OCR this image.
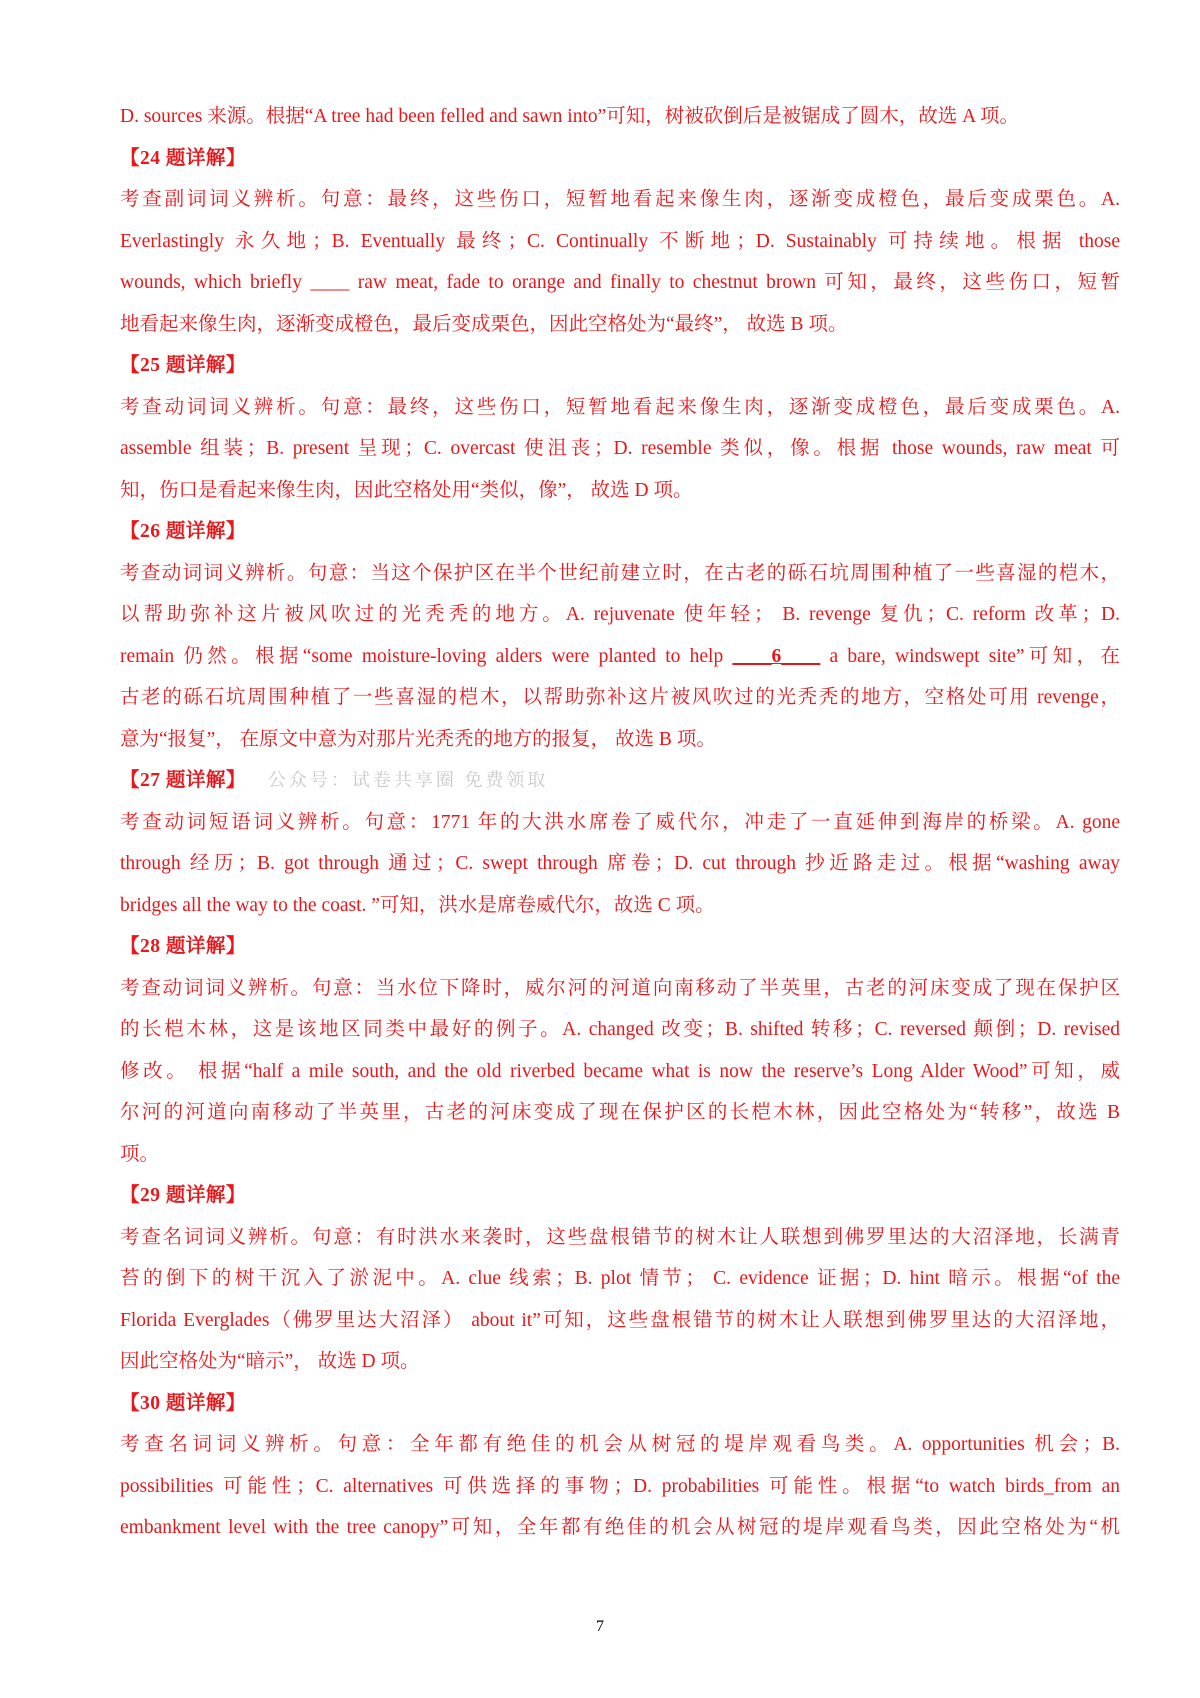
D. sources 来源。根据“A tree had been felled and sawn into”可知，树被砍倒后是被锯成了圆木，故选 A 项。
【24 题详解】
考查副词词义辨析。句意：最终，这些伤口，短暂地看起来像生肉，逐渐变成橙色，最后变成栗色。A.
Everlastingly 永久地；B. Eventually 最终；C. Continually 不断地；D. Sustainably 可持续地。根据 those
wounds, which briefly ____ raw meat, fade to orange and finally to chestnut brown 可知，最终，这些伤口，短暂
地看起来像生肉，逐渐变成橙色，最后变成栗色，因此空格处为“最终”， 故选 B 项。
【25 题详解】
考查动词词义辨析。句意：最终，这些伤口，短暂地看起来像生肉，逐渐变成橙色，最后变成栗色。A.
assemble 组装；B. present 呈现；C. overcast 使沮丧；D. resemble 类似，像。根据 those wounds, raw meat 可
知，伤口是看起来像生肉，因此空格处用“类似，像”， 故选 D 项。
【26 题详解】
考查动词词义辨析。句意：当这个保护区在半个世纪前建立时，在古老的砾石坑周围种植了一些喜湿的桤木，
以帮助弥补这片被风吹过的光秃秃的地方。A. rejuvenate 使年轻； B. revenge 复仇；C. reform 改革；D.
remain 仍然。根据“some moisture-loving alders were planted to help ____6____ a bare, windswept site”可知，在
古老的砾石坑周围种植了一些喜湿的桤木，以帮助弥补这片被风吹过的光秃秃的地方，空格处可用 revenge，
意为“报复”， 在原文中意为对那片光秃秃的地方的报复， 故选 B 项。
【27 题详解】 公众号：试卷共享圈 免费领取
考查动词短语词义辨析。句意：1771 年的大洪水席卷了威代尔，冲走了一直延伸到海岸的桥梁。A. gone
through 经历；B. got through 通过；C. swept through 席卷；D. cut through 抄近路走过。根据“washing away
bridges all the way to the coast. ”可知，洪水是席卷威代尔，故选 C 项。
【28 题详解】
考查动词词义辨析。句意：当水位下降时，威尔河的河道向南移动了半英里，古老的河床变成了现在保护区
的长桤木林，这是该地区同类中最好的例子。A. changed 改变；B. shifted 转移；C. reversed 颠倒；D. revised
修改。 根据“half a mile south, and the old riverbed became what is now the reserve’s Long Alder Wood”可知，威
尔河的河道向南移动了半英里，古老的河床变成了现在保护区的长桤木林，因此空格处为“转移”，故选 B
项。
【29 题详解】
考查名词词义辨析。句意：有时洪水来袭时，这些盘根错节的树木让人联想到佛罗里达的大沼泽地，长满青
苔的倒下的树干沉入了淤泥中。A. clue 线索；B. plot 情节； C. evidence 证据；D. hint 暗示。根据“of the
Florida Everglades（佛罗里达大沼泽） about it”可知，这些盘根错节的树木让人联想到佛罗里达的大沼泽地，
因此空格处为“暗示”， 故选 D 项。
【30 题详解】
考查名词词义辨析。句意：全年都有绝佳的机会从树冠的堤岸观看鸟类。A. opportunities 机会；B.
possibilities 可能性；C. alternatives 可供选择的事物；D. probabilities 可能性。根据“to watch birds_from an
embankment level with the tree canopy”可知，全年都有绝佳的机会从树冠的堤岸观看鸟类，因此空格处为“机
7
